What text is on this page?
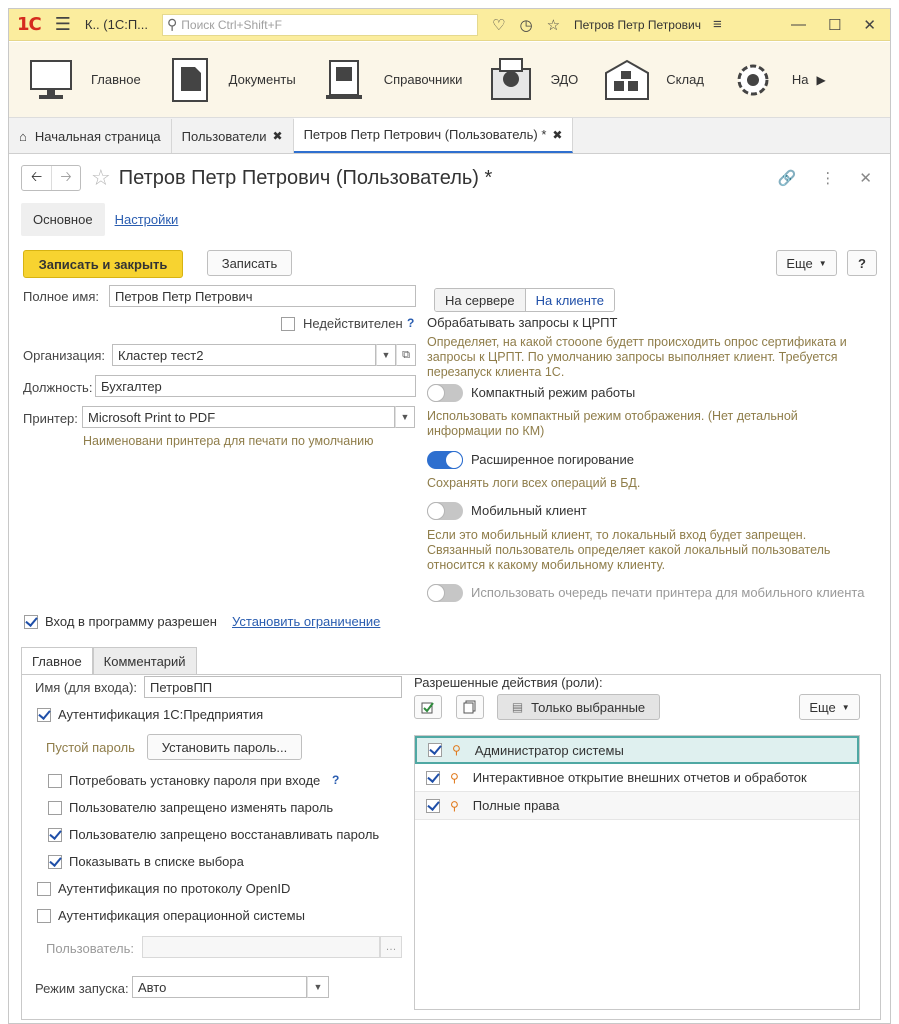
1С ☰ К.. (1С:П... ⚲ Поиск Ctrl+Shift+F	♡ ◷ ☆ Петров Петр Петрович ≡	— ☐ ✕
Главное	Документы	Справочники	ЭДО	Склад	На ▶
⌂ Начальная страница Пользователи ✖ Петров Петр Петрович (Пользователь) * ✖
🡠	🡢 ☆ Петров Петр Петрович (Пользователь) *	🔗 ⋮ ✕
Основное	Настройки
Записать и закрыть	Записать	Еще ▼	?
Полное имя:	Петров Петр Петрович
Недействителен ?
Организация: Кластер тест2	▼	⧉
Должность: Бухгалтер
Принтер: Microsoft Print to PDF	▼
Наименовани принтера для печати по умолчанию
На сервере	На клиенте
Обрабатывать запросы к ЦРПТ
Определяет, на какой стооone будетт происходить опрос сертификата и запросы к ЦРПТ. По умолчанию запросы выполняет клиент. Требуется перезапуск клиента 1С.
Компактный режим работы
Использовать компактный режим отображения. (Нет детальной информации по КМ)
Расширенное погирование
Сохранять логи всех операций в БД.
Мобильный клиент
Если это мобильный клиент, то локальный вход будет запрещен. Связанный пользователь определяет какой локальный пользователь относится к какому мобильному клиенту.
Использовать очередь печати принтера для мобильного клиента
Вход в программу разрешен Установить ограничение
Главное	Комментарий
Имя (для входа): ПетровПП
Аутентификация 1С:Предприятия
Пустой пароль	Установить пароль...
Потребовать установку пароля при входе ?
Пользователю запрещено изменять пароль
Пользователю запрещено восстанавливать пароль
Показывать в списке выбора
Аутентификация по протоколу OpenID
Аутентификация операционной системы
Пользователь:	…
Режим запуска: Авто	▼
Разрешенные действия (роли):
▤ Только выбранные	Еще ▼
⚲ Администратор системы
⚲ Интерактивное открытие внешних отчетов и обработок
⚲ Полные права
